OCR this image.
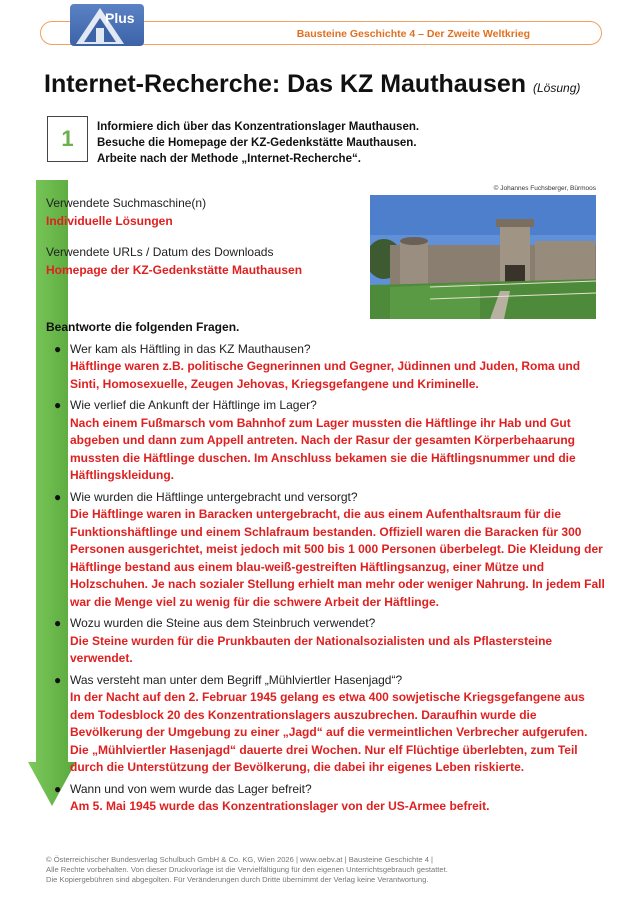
Plus
Bausteine Geschichte 4 – Der Zweite Weltkrieg
Internet-Recherche: Das KZ Mauthausen (Lösung)
1 Informiere dich über das Konzentrationslager Mauthausen.
Besuche die Homepage der KZ-Gedenkstätte Mauthausen.
Arbeite nach der Methode „Internet-Recherche“.
© Johannes Fuchsberger, Bürmoos
Verwendete Suchmaschine(n)
Individuelle Lösungen
Verwendete URLs / Datum des Downloads
Homepage der KZ-Gedenkstätte Mauthausen
Beantworte die folgenden Fragen.
● Wer kam als Häftling in das KZ Mauthausen?
Häftlinge waren z.B. politische Gegnerinnen und Gegner, Jüdinnen und Juden, Roma und Sinti, Homosexuelle, Zeugen Jehovas, Kriegsgefangene und Kriminelle.
● Wie verlief die Ankunft der Häftlinge im Lager?
Nach einem Fußmarsch vom Bahnhof zum Lager mussten die Häftlinge ihr Hab und Gut abgeben und dann zum Appell antreten. Nach der Rasur der gesamten Körperbehaarung mussten die Häftlinge duschen. Im Anschluss bekamen sie die Häftlingsnummer und die Häftlingskleidung.
● Wie wurden die Häftlinge untergebracht und versorgt?
Die Häftlinge waren in Baracken untergebracht, die aus einem Aufenthaltsraum für die Funktionshäftlinge und einem Schlafraum bestanden. Offiziell waren die Baracken für 300 Personen ausgerichtet, meist jedoch mit 500 bis 1 000 Personen überbelegt. Die Kleidung der Häftlinge bestand aus einem blau-weiß-gestreiften Häftlingsanzug, einer Mütze und Holzschuhen. Je nach sozialer Stellung erhielt man mehr oder weniger Nahrung. In jedem Fall war die Menge viel zu wenig für die schwere Arbeit der Häftlinge.
● Wozu wurden die Steine aus dem Steinbruch verwendet?
Die Steine wurden für die Prunkbauten der Nationalsozialisten und als Pflastersteine verwendet.
● Was versteht man unter dem Begriff „Mühlviertler Hasenjagd“?
In der Nacht auf den 2. Februar 1945 gelang es etwa 400 sowjetische Kriegsgefangene aus dem Todesblock 20 des Konzentrationslagers auszubrechen. Daraufhin wurde die Bevölkerung der Umgebung zu einer „Jagd“ auf die vermeintlichen Verbrecher aufgerufen. Die „Mühlviertler Hasenjagd“ dauerte drei Wochen. Nur elf Flüchtige überlebten, zum Teil durch die Unterstützung der Bevölkerung, die dabei ihr eigenes Leben riskierte.
● Wann und von wem wurde das Lager befreit?
Am 5. Mai 1945 wurde das Konzentrationslager von der US-Armee befreit.
© Österreichischer Bundesverlag Schulbuch GmbH & Co. KG, Wien 2026 | www.oebv.at | Bausteine Geschichte 4 |
Alle Rechte vorbehalten. Von dieser Druckvorlage ist die Vervielfältigung für den eigenen Unterrichtsgebrauch gestattet.
Die Kopiergebühren sind abgegolten. Für Veränderungen durch Dritte übernimmt der Verlag keine Verantwortung.
